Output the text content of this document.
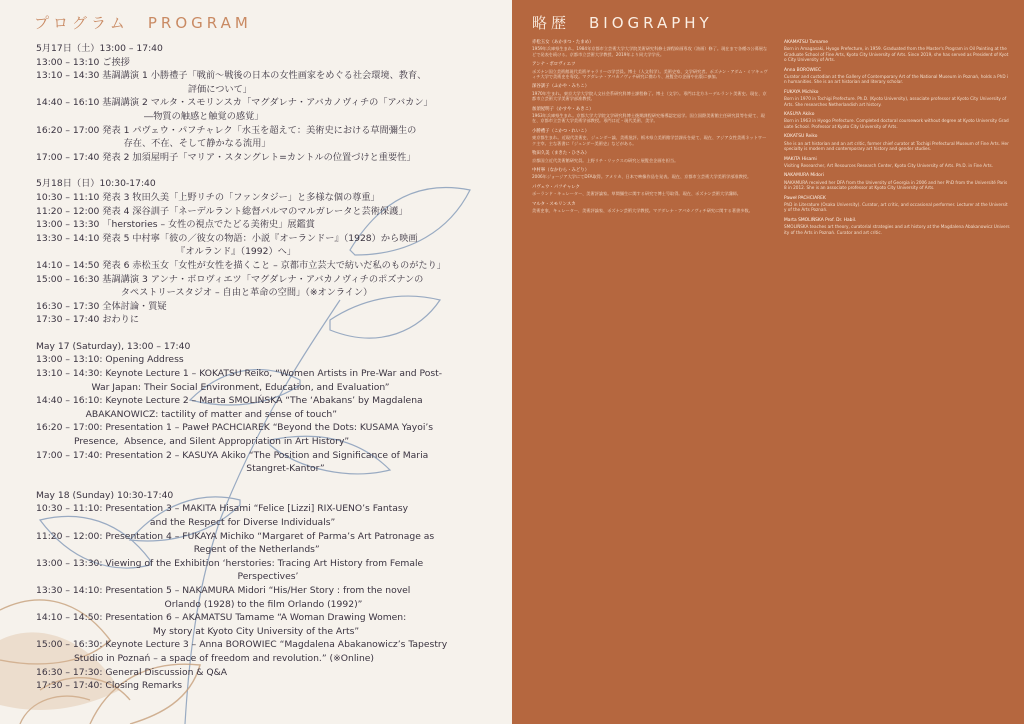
プログラム　PROGRAM
5月17日（土）13:00 – 17:40
13:00 – 13:10 ご挨拶
13:10 – 14:30 基調講演 1 小勝禮子「戦前〜戦後の日本の女性画家をめぐる社会環境、教育、
評価について」
14:40 – 16:10 基調講演 2 マルタ・スモリンスカ「マグダレナ・アバカノヴィチの「アバカン」
―物質の触感と触覚の感覚」
16:20 – 17:00 発表 1 パヴェウ・パフチャレク「水玉を超えて：美術史における草間彌生の
存在、不在、そして静かなる流用」
17:00 – 17:40 発表 2 加須屋明子「マリア・スタングレト=カントルの位置づけと重要性」
5月18日（日）10:30-17:40
10:30 – 11:10 発表 3 牧田久美「上野リチの「ファンタジー」と多様な個の尊重」
11:20 – 12:00 発表 4 深谷訓子「ネーデルラント総督パルマのマルガレータと芸術保護」
13:00 – 13:30 「herstories – 女性の視点でたどる美術史」展鑑賞
13:30 – 14:10 発表 5 中村寧「彼の／彼女の物語：小説『オーランドー』（1928）から映画
『オルランド』（1992）へ」
14:10 – 14:50 発表 6 赤松玉女「女性が女性を描くこと – 京都市立芸大で紡いだ私のものがたり」
15:00 – 16:30 基調講演 3 アンナ・ボロヴィエツ「マグダレナ・アバカノヴィチのポズナンの
タペストリースタジオ – 自由と革命の空間」（※オンライン）
16:30 – 17:30 全体討論・質疑
17:30 – 17:40 おわりに
May 17 (Saturday), 13:00 – 17:40
13:00 – 13:10: Opening Address
13:10 – 14:30: Keynote Lecture 1 – KOKATSU Reiko, “Women Artists in Pre-War and Post-
War Japan: Their Social Environment, Education, and Evaluation”
14:40 – 16:10: Keynote Lecture 2 – Marta SMOLIŃSKA “The ‘Abakans’ by Magdalena
ABAKANOWICZ: tactility of matter and sense of touch”
16:20 – 17:00: Presentation 1 – Paweł PACHCIAREK “Beyond the Dots: KUSAMA Yayoi’s
Presence,  Absence, and Silent Appropriation in Art History”
17:00 – 17:40: Presentation 2 – KASUYA Akiko “The Position and Significance of Maria
Stangret-Kantor”
May 18 (Sunday) 10:30-17:40
10:30 – 11:10: Presentation 3 – MAKITA Hisami “Felice [Lizzi] RIX-UENO’s Fantasy
and the Respect for Diverse Individuals”
11:20 – 12:00: Presentation 4 – FUKAYA Michiko “Margaret of Parma’s Art Patronage as
Regent of the Netherlands”
13:00 – 13:30: Viewing of the Exhibition ‘herstories: Tracing Art History from Female
Perspectives’
13:30 – 14:10: Presentation 5 – NAKAMURA Midori “His/Her Story : from the novel
Orlando (1928) to the film Orlando (1992)”
14:10 – 14:50: Presentation 6 – AKAMATSU Tamame “A Woman Drawing Women:
My story at Kyoto City University of the Arts”
15:00 – 16:30: Keynote Lecture 3 – Anna BOROWIEC “Magdalena Abakanowicz’s Tapestry
Studio in Poznań – a space of freedom and revolution.” (※Online)
16:30 – 17:30: General Discussion & Q&A
17:30 – 17:40: Closing Remarks
略歴　BIOGRAPHY
赤松玉女（あかまつ・たまめ）
1959年兵庫県生まれ。1984年京都市立芸術大学大学院美術研究科修士課程絵画専攻（油画）修了。現在まで各種の公募展などで発表を続ける。京都市立芸術大学教授、2019年より同大学学長。
アンナ・ボロヴィエツ
ポズナン国立美術館現代美術ギャラリーの学芸員。博士（人文科学）。美術史家、文学研究者。ポズナン・アダム・ミツキェヴィチ大学で美術史を専攻。マグダレナ・アバカノヴィチ研究に携わり、展覧会の企画や出版に参加。
深谷訓子（ふかや・みちこ）
1970年生まれ。東京大学大学院人文社会系研究科博士課程修了。博士（文学）。専門は北方ネーデルラント美術史。現在、京都市立芸術大学美術学部准教授。
加須屋明子（かすや・あきこ）
1963年兵庫県生まれ。京都大学大学院文学研究科博士後期課程研究指導認定退学。国立国際美術館主任研究員等を経て、現在、京都市立芸術大学美術学部教授。専門は近・現代美術、美学。
小勝禮子（こかつ・れいこ）
東京都生まれ。近現代美術史、ジェンダー論、美術批評。栃木県立美術館学芸課長を経て、現在、アジア女性美術ネットワーク主宰。主な著書に『ジェンダー美術史』などがある。
牧田久美（まきた・ひさみ）
京都国立近代美術館研究員。上野リチ・リックスの研究と展覧会企画を担当。
中村寧（なかむら・みどり）
2006年ジョージア大学にてDFA取得。アメリカ、日本で映像作品を発表。現在、京都市立芸術大学美術学部准教授。
パヴェウ・パフチャレク
ポーランド・キュレーター、美術評論家。草間彌生に関する研究で博士号取得。現在、ポズナン芸術大学講師。
マルタ・スモリンスカ
美術史家、キュレーター、美術評論家、ポズナン芸術大学教授。マグダレナ・アバカノヴィチ研究に関する著書多数。
AKAMATSU Tamame
Born in Amagasaki, Hyogo Prefecture, in 1959. Graduated from the Master's Program in Oil Painting at the Graduate School of Fine Arts, Kyoto City University of Arts. Since 2019, she has served as President of Kyoto City University of Arts.
Anna BOROWIEC
Curator and custodian at the Gallery of Contemporary Art of the National Museum in Poznań, holds a PhD in humanities. She is an art historian and literary scholar.
FUKAYA Michiko
Born in 1970 in Tochigi Prefecture. Ph.D. (Kyoto University), associate professor at Kyoto City University of Arts. She researches Netherlandish art history.
KASUYA Akiko
Born in 1963 in Hyogo Prefecture. Completed doctoral coursework without degree at Kyoto University Graduate School. Professor at Kyoto City University of Arts.
KOKATSU Reiko
She is an art historian and an art critic, former chief curator at Tochigi Prefectural Museum of Fine Arts. Her specialty is modern and contemporary art history and gender studies.
MAKITA Hisami
Visiting Researcher, Art Resources Research Center, Kyoto City University of Arts. Ph.D. in Fine Arts.
NAKAMURA Midori
NAKAMURA received her DFA from the University of Georgia in 2006 and her PhD from the Université Paris 8 in 2012. She is an associate professor at Kyoto City University of Arts.
Paweł PACHCIAREK
PhD in Literature (Osaka University). Curator, art critic, and occasional performer. Lecturer at the University of the Arts Poznań.
Marta SMOLIŃSKA Prof. Dr. Habil.
SMOLIŃSKA teaches art theory, curatorial strategies and art history at the Magdalena Abakanowicz University of the Arts in Poznań. Curator and art critic.
